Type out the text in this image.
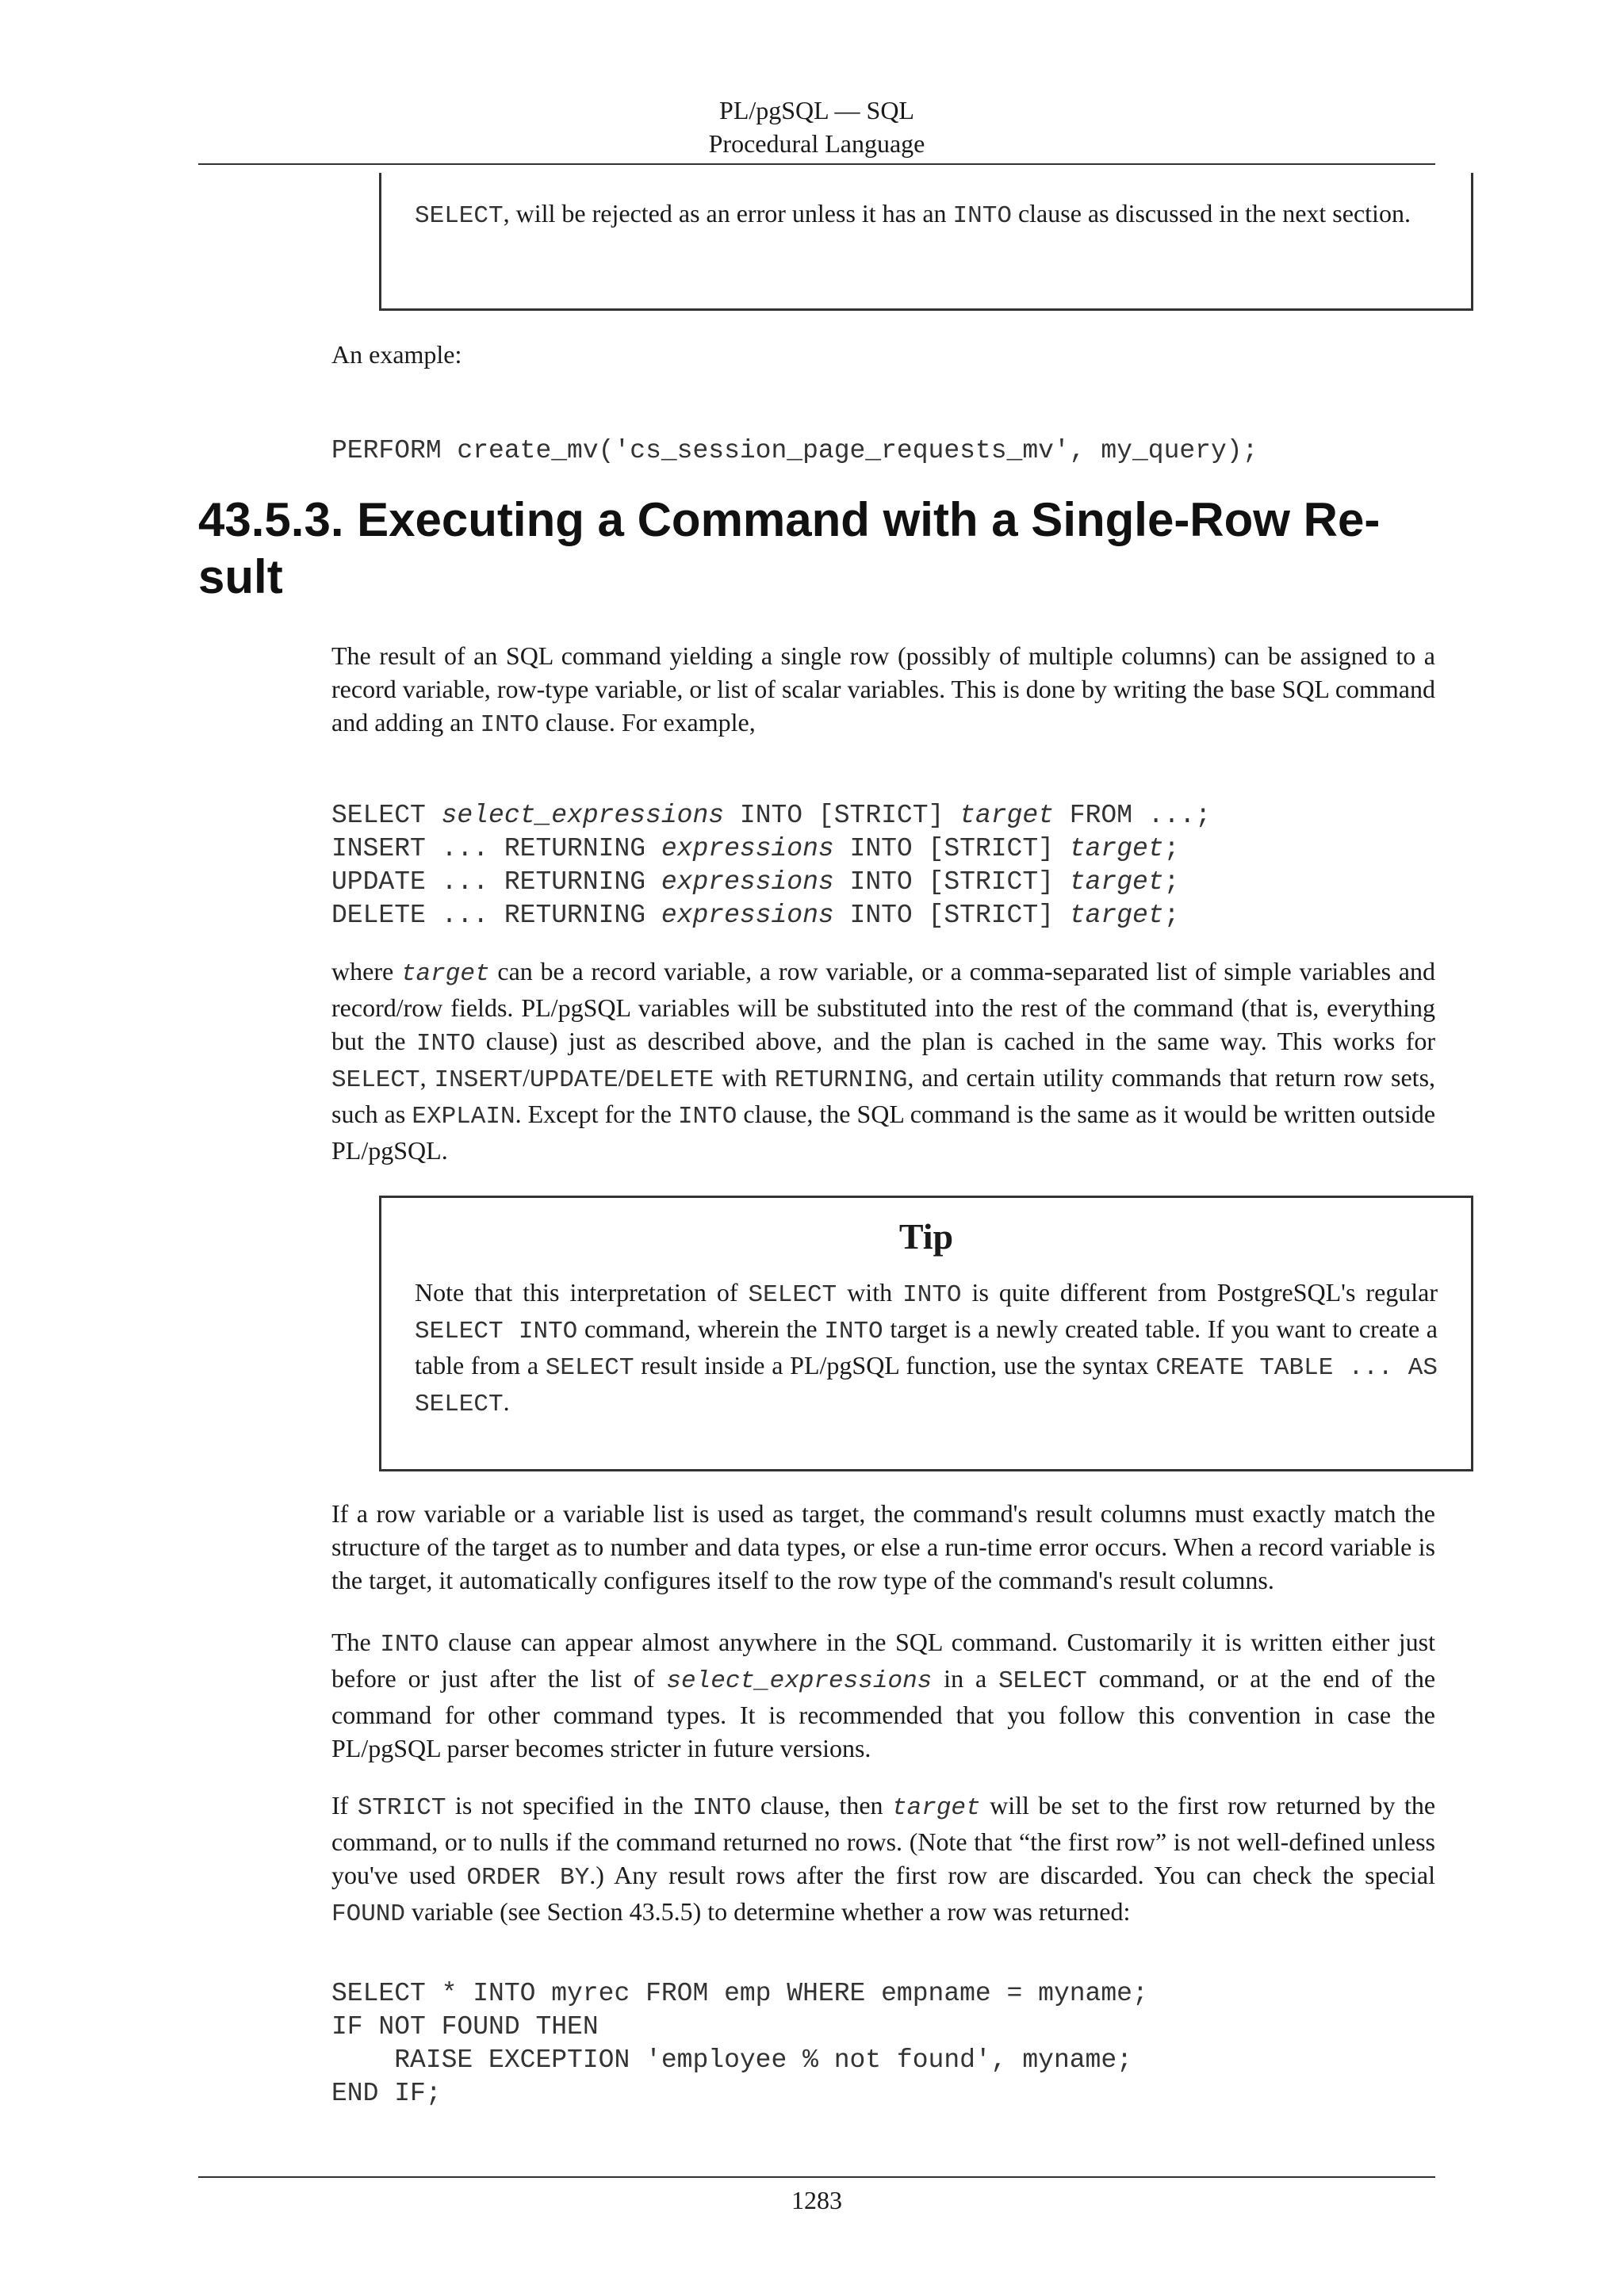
PL/pgSQL — SQL
Procedural Language

SELECT, will be rejected as an error unless it has an INTO clause as discussed in the next section.

An example:

PERFORM create_mv('cs_session_page_requests_mv', my_query);
43.5.3. Executing a Command with a Single-Row Re-
sult

The result of an SQL command yielding a single row (possibly of multiple columns) can be assigned to a record variable, row-type variable, or list of scalar variables. This is done by writing the base SQL command and adding an INTO clause. For example,

SELECT select_expressions INTO [STRICT] target FROM ...;
INSERT ... RETURNING expressions INTO [STRICT] target;
UPDATE ... RETURNING expressions INTO [STRICT] target;
DELETE ... RETURNING expressions INTO [STRICT] target;

where target can be a record variable, a row variable, or a comma-separated list of simple variables and record/row fields. PL/pgSQL variables will be substituted into the rest of the command (that is, everything but the INTO clause) just as described above, and the plan is cached in the same way. This works for SELECT, INSERT/UPDATE/DELETE with RETURNING, and certain utility commands that return row sets, such as EXPLAIN. Except for the INTO clause, the SQL command is the same as it would be written outside PL/pgSQL.

Tip

Note that this interpretation of SELECT with INTO is quite different from PostgreSQL's regular SELECT INTO command, wherein the INTO target is a newly created table. If you want to create a table from a SELECT result inside a PL/pgSQL function, use the syntax CREATE TABLE ... AS SELECT.

If a row variable or a variable list is used as target, the command's result columns must exactly match the structure of the target as to number and data types, or else a run-time error occurs. When a record variable is the target, it automatically configures itself to the row type of the command's result columns.

The INTO clause can appear almost anywhere in the SQL command. Customarily it is written either just before or just after the list of select_expressions in a SELECT command, or at the end of the command for other command types. It is recommended that you follow this convention in case the PL/pgSQL parser becomes stricter in future versions.

If STRICT is not specified in the INTO clause, then target will be set to the first row returned by the command, or to nulls if the command returned no rows. (Note that “the first row” is not well-defined unless you've used ORDER BY.) Any result rows after the first row are discarded. You can check the special FOUND variable (see Section 43.5.5) to determine whether a row was returned:

SELECT * INTO myrec FROM emp WHERE empname = myname;
IF NOT FOUND THEN
RAISE EXCEPTION 'employee % not found', myname;
END IF;
1283
